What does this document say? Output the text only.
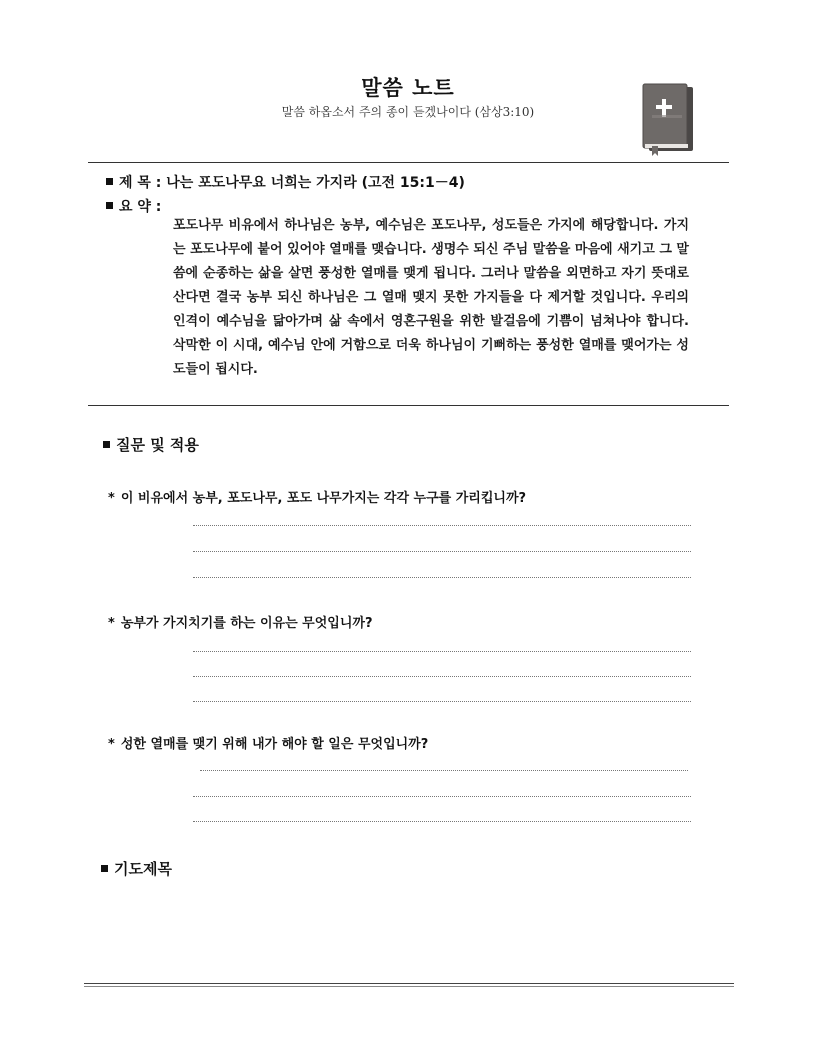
말씀 노트
말씀 하옵소서 주의 종이 듣겠나이다 (삼상3:10)
제 목 : 나는 포도나무요 너희는 가지라 (고전 15:1－4)
요 약 :
포도나무 비유에서 하나님은 농부, 예수님은 포도나무, 성도들은 가지에 해당합니다. 가지는 포도나무에 붙어 있어야 열매를 맺습니다. 생명수 되신 주님 말씀을 마음에 새기고 그 말씀에 순종하는 삶을 살면 풍성한 열매를 맺게 됩니다. 그러나 말씀을 외면하고 자기 뜻대로 산다면 결국 농부 되신 하나님은 그 열매 맺지 못한 가지들을 다 제거할 것입니다. 우리의 인격이 예수님을 닮아가며 삶 속에서 영혼구원을 위한 발걸음에 기쁨이 넘쳐나야 합니다. 삭막한 이 시대, 예수님 안에 거함으로 더욱 하나님이 기뻐하는 풍성한 열매를 맺어가는 성도들이 됩시다.
질문 및 적용
* 이 비유에서 농부, 포도나무, 포도 나무가지는 각각 누구를 가리킵니까?
* 농부가 가지치기를 하는 이유는 무엇입니까?
* 성한 열매를 맺기 위해 내가 해야 할 일은 무엇입니까?
기도제목
